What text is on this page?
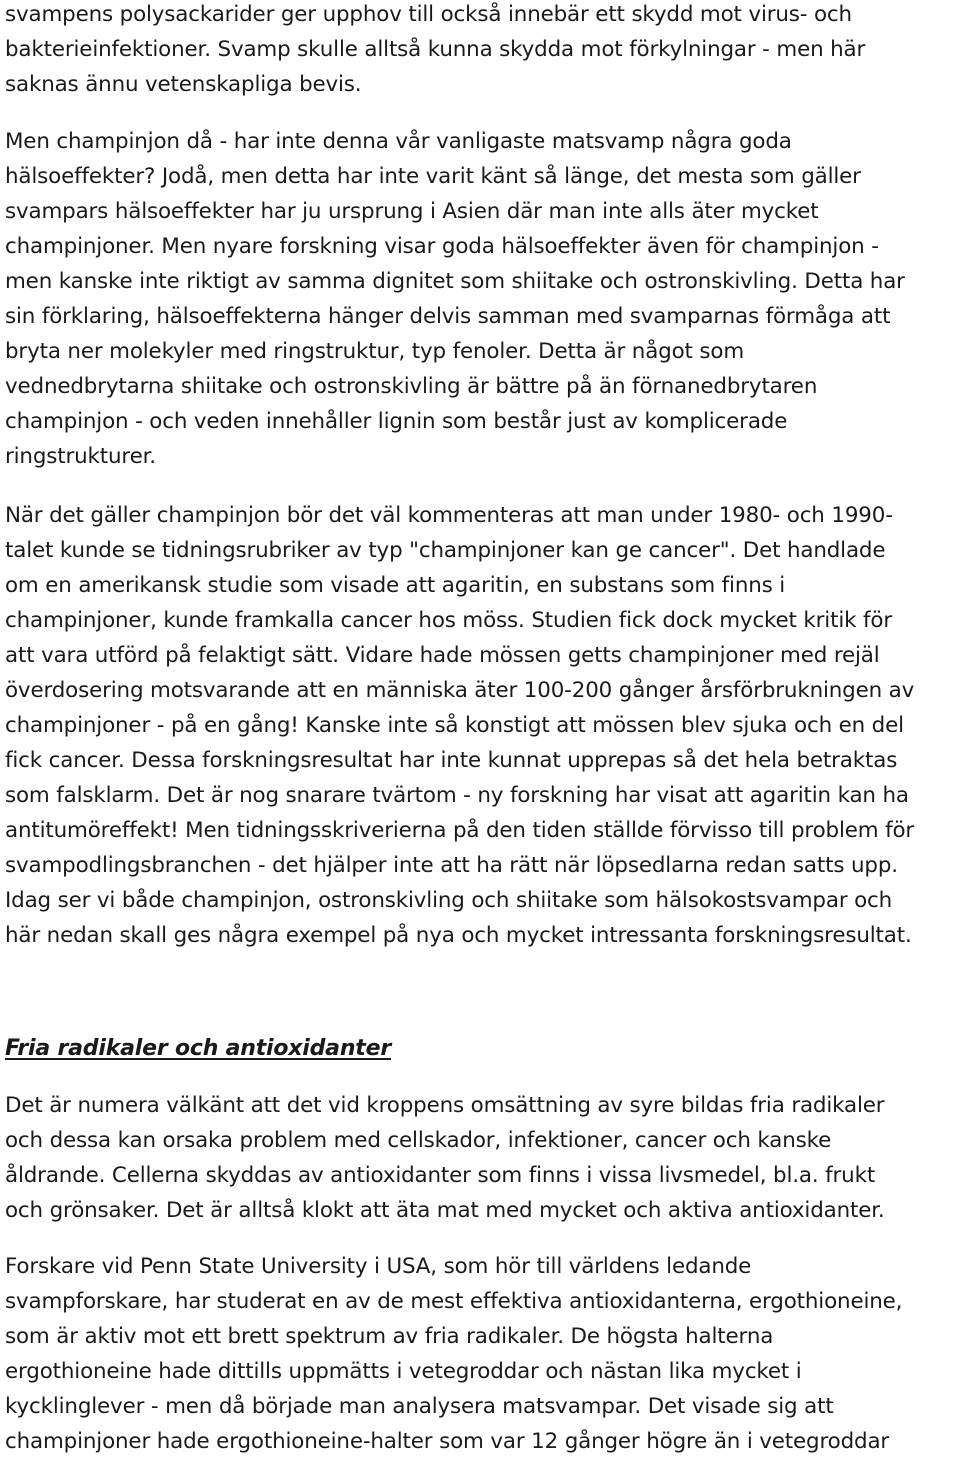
svampens polysackarider ger upphov till också innebär ett skydd mot virus- och
bakterieinfektioner. Svamp skulle alltså kunna skydda mot förkylningar - men här
saknas ännu vetenskapliga bevis.
Men champinjon då - har inte denna vår vanligaste matsvamp några goda
hälsoeffekter? Jodå, men detta har inte varit känt så länge, det mesta som gäller
svampars hälsoeffekter har ju ursprung i Asien där man inte alls äter mycket
champinjoner. Men nyare forskning visar goda hälsoeffekter även för champinjon -
men kanske inte riktigt av samma dignitet som shiitake och ostronskivling. Detta har
sin förklaring, hälsoeffekterna hänger delvis samman med svamparnas förmåga att
bryta ner molekyler med ringstruktur, typ fenoler. Detta är något som
vednedbrytarna shiitake och ostronskivling är bättre på än förnanedbrytaren
champinjon - och veden innehåller lignin som består just av komplicerade
ringstrukturer.
När det gäller champinjon bör det väl kommenteras att man under 1980- och 1990-
talet kunde se tidningsrubriker av typ "champinjoner kan ge cancer". Det handlade
om en amerikansk studie som visade att agaritin, en substans som finns i
champinjoner, kunde framkalla cancer hos möss. Studien fick dock mycket kritik för
att vara utförd på felaktigt sätt. Vidare hade mössen getts champinjoner med rejäl
överdosering motsvarande att en människa äter 100-200 gånger årsförbrukningen av
champinjoner - på en gång! Kanske inte så konstigt att mössen blev sjuka och en del
fick cancer. Dessa forskningsresultat har inte kunnat upprepas så det hela betraktas
som falsklarm. Det är nog snarare tvärtom - ny forskning har visat att agaritin kan ha
antitumöreffekt! Men tidningsskriverierna på den tiden ställde förvisso till problem för
svampodlingsbranchen - det hjälper inte att ha rätt när löpsedlarna redan satts upp.
Idag ser vi både champinjon, ostronskivling och shiitake som hälsokostsvampar och
här nedan skall ges några exempel på nya och mycket intressanta forskningsresultat.
Fria radikaler och antioxidanter
Det är numera välkänt att det vid kroppens omsättning av syre bildas fria radikaler
och dessa kan orsaka problem med cellskador, infektioner, cancer och kanske
åldrande. Cellerna skyddas av antioxidanter som finns i vissa livsmedel, bl.a. frukt
och grönsaker. Det är alltså klokt att äta mat med mycket och aktiva antioxidanter.
Forskare vid Penn State University i USA, som hör till världens ledande
svampforskare, har studerat en av de mest effektiva antioxidanterna, ergothioneine,
som är aktiv mot ett brett spektrum av fria radikaler. De högsta halterna
ergothioneine hade dittills uppmätts i vetegroddar och nästan lika mycket i
kycklinglever - men då började man analysera matsvampar. Det visade sig att
champinjoner hade ergothioneine-halter som var 12 gånger högre än i vetegroddar
